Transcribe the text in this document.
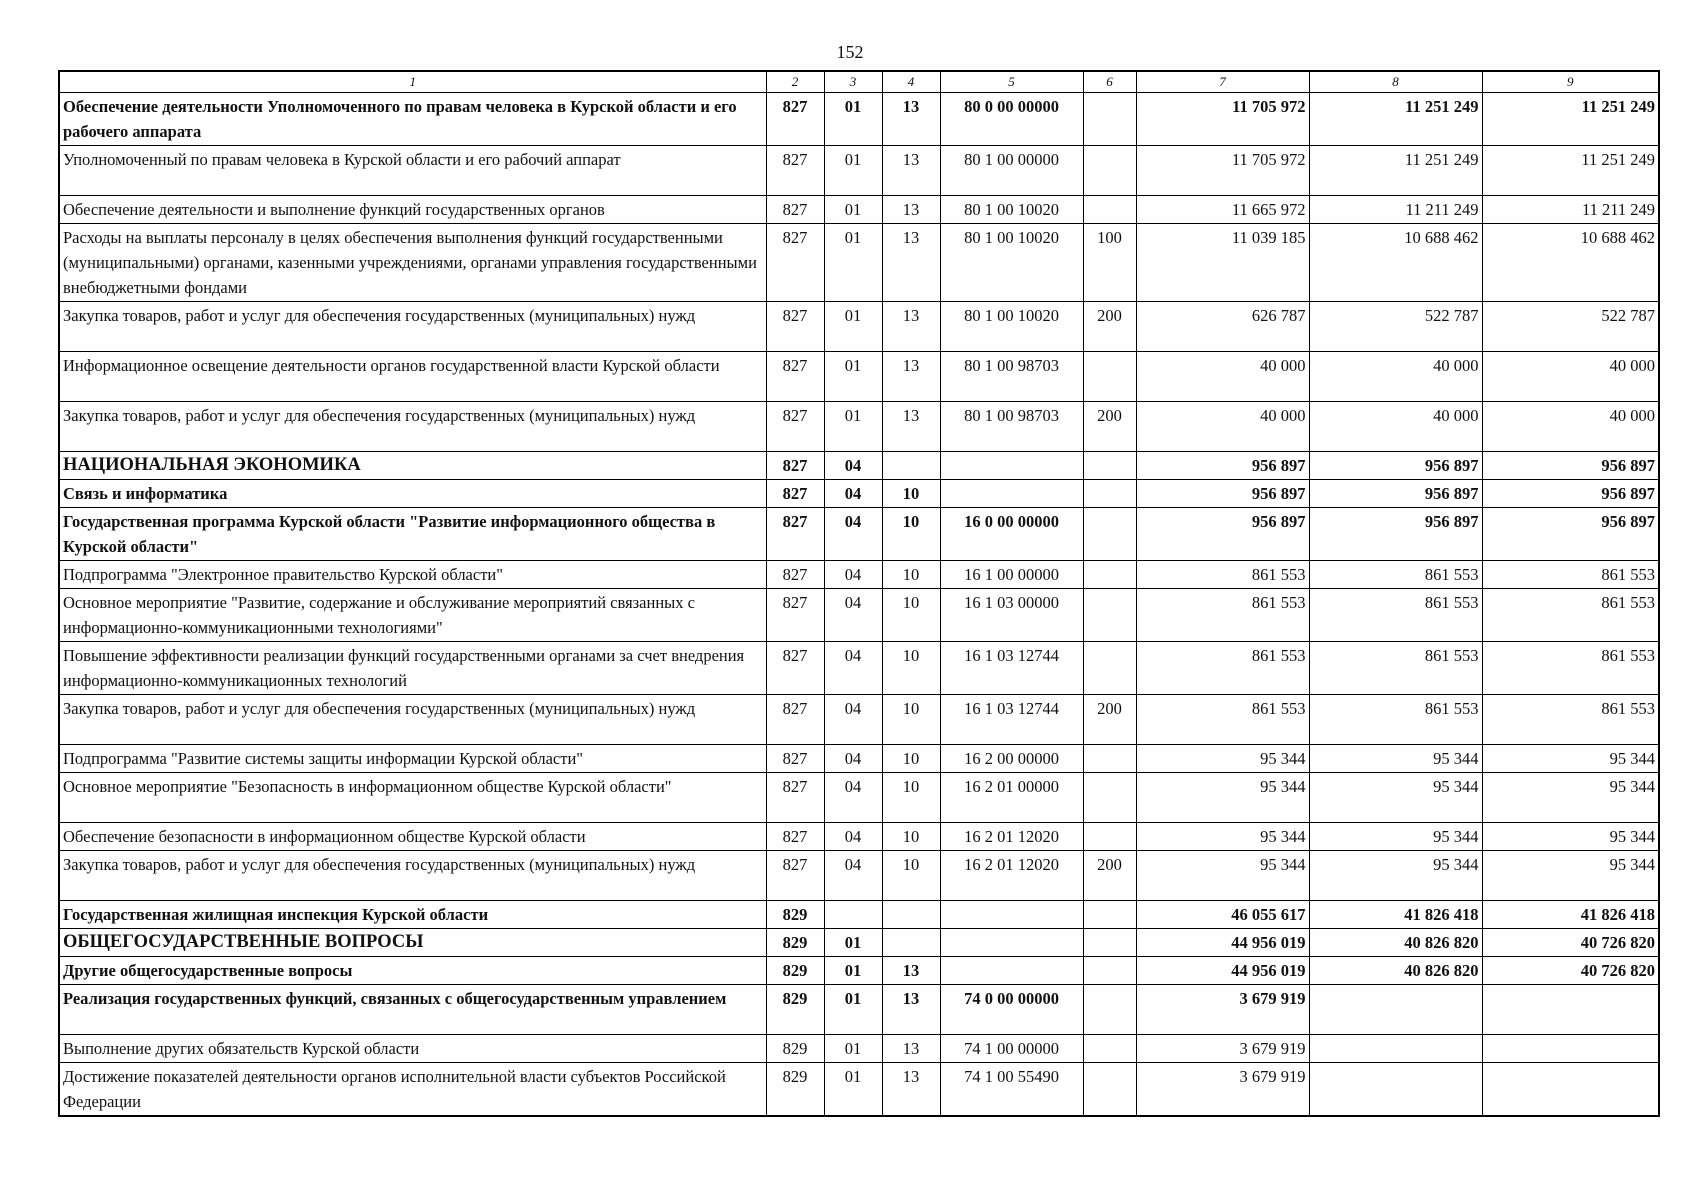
152
1	2	3	4	5	6	7	8	9
Обеспечение деятельности Уполномоченного по правам человека в Курской области и его рабочего аппарата	827	01	13	80 0 00 00000		11 705 972	11 251 249	11 251 249
Уполномоченный по правам человека в Курской области и его рабочий аппарат	827	01	13	80 1 00 00000		11 705 972	11 251 249	11 251 249
Обеспечение деятельности и выполнение функций государственных органов	827	01	13	80 1 00 10020		11 665 972	11 211 249	11 211 249
Расходы на выплаты персоналу в целях обеспечения выполнения функций государственными (муниципальными) органами, казенными учреждениями, органами управления государственными внебюджетными фондами	827	01	13	80 1 00 10020	100	11 039 185	10 688 462	10 688 462
Закупка товаров, работ и услуг для обеспечения государственных (муниципальных) нужд	827	01	13	80 1 00 10020	200	626 787	522 787	522 787
Информационное освещение деятельности органов государственной власти Курской области	827	01	13	80 1 00 98703		40 000	40 000	40 000
Закупка товаров, работ и услуг для обеспечения государственных (муниципальных) нужд	827	01	13	80 1 00 98703	200	40 000	40 000	40 000
НАЦИОНАЛЬНАЯ ЭКОНОМИКА	827	04				956 897	956 897	956 897
Связь и информатика	827	04	10			956 897	956 897	956 897
Государственная программа Курской области "Развитие информационного общества в Курской области"	827	04	10	16 0 00 00000		956 897	956 897	956 897
Подпрограмма "Электронное правительство Курской области"	827	04	10	16 1 00 00000		861 553	861 553	861 553
Основное мероприятие "Развитие, содержание и обслуживание мероприятий связанных с информационно-коммуникационными технологиями"	827	04	10	16 1 03 00000		861 553	861 553	861 553
Повышение эффективности реализации функций государственными органами за счет внедрения информационно-коммуникационных технологий	827	04	10	16 1 03 12744		861 553	861 553	861 553
Закупка товаров, работ и услуг для обеспечения государственных (муниципальных) нужд	827	04	10	16 1 03 12744	200	861 553	861 553	861 553
Подпрограмма "Развитие системы защиты информации Курской области"	827	04	10	16 2 00 00000		95 344	95 344	95 344
Основное мероприятие "Безопасность в информационном обществе Курской области"	827	04	10	16 2 01 00000		95 344	95 344	95 344
Обеспечение безопасности в информационном обществе Курской области	827	04	10	16 2 01 12020		95 344	95 344	95 344
Закупка товаров, работ и услуг для обеспечения государственных (муниципальных) нужд	827	04	10	16 2 01 12020	200	95 344	95 344	95 344
Государственная жилищная инспекция Курской области	829					46 055 617	41 826 418	41 826 418
ОБЩЕГОСУДАРСТВЕННЫЕ ВОПРОСЫ	829	01				44 956 019	40 826 820	40 726 820
Другие общегосударственные вопросы	829	01	13			44 956 019	40 826 820	40 726 820
Реализация государственных функций, связанных с общегосударственным управлением	829	01	13	74 0 00 00000		3 679 919		
Выполнение других обязательств Курской области	829	01	13	74 1 00 00000		3 679 919		
Достижение показателей деятельности органов исполнительной власти субъектов Российской Федерации	829	01	13	74 1 00 55490		3 679 919		
